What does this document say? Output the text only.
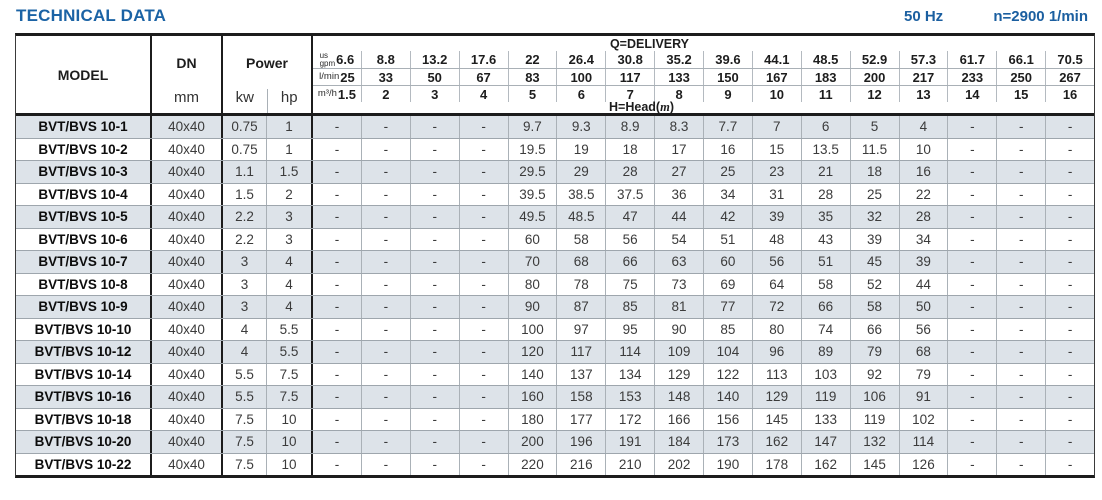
TECHNICAL DATA	50 Hz	n=2900 1/min
MODEL
DN
mm
Power
kw	hp
Q=DELIVERY
us
gpm 6.6 8.8 13.2 17.6 22 26.4 30.8 35.2 39.6 44.1 48.5 52.9 57.3 61.7 66.1 70.5
l/min 25 33	50	67	83 100 117 133 150 167 183 200 217 233 250 267
m³/h 1.5 2	3	4	5	6	7	8	9	10	11	12	13	14	15	16
H=Head(m)
BVT/BVS 10-1	40x40	0.75	1	-	-	-	-	9.7	9.3	8.9	8.3	7.7	7	6	5	4	-	-	-
BVT/BVS 10-2	40x40	0.75	1	-	-	-	-	19.5	19	18	17	16	15	13.5	11.5	10	-	-	-
BVT/BVS 10-3	40x40	1.1	1.5	-	-	-	-	29.5	29	28	27	25	23	21	18	16	-	-	-
BVT/BVS 10-4	40x40	1.5	2	-	-	-	-	39.5	38.5	37.5	36	34	31	28	25	22	-	-	-
BVT/BVS 10-5	40x40	2.2	3	-	-	-	-	49.5	48.5	47	44	42	39	35	32	28	-	-	-
BVT/BVS 10-6	40x40	2.2	3	-	-	-	-	60	58	56	54	51	48	43	39	34	-	-	-
BVT/BVS 10-7	40x40	3	4	-	-	-	-	70	68	66	63	60	56	51	45	39	-	-	-
BVT/BVS 10-8	40x40	3	4	-	-	-	-	80	78	75	73	69	64	58	52	44	-	-	-
BVT/BVS 10-9	40x40	3	4	-	-	-	-	90	87	85	81	77	72	66	58	50	-	-	-
BVT/BVS 10-10	40x40	4	5.5	-	-	-	-	100	97	95	90	85	80	74	66	56	-	-	-
BVT/BVS 10-12	40x40	4	5.5	-	-	-	-	120	117	114	109	104	96	89	79	68	-	-	-
BVT/BVS 10-14	40x40	5.5	7.5	-	-	-	-	140	137	134	129	122	113	103	92	79	-	-	-
BVT/BVS 10-16	40x40	5.5	7.5	-	-	-	-	160	158	153	148	140	129	119	106	91	-	-	-
BVT/BVS 10-18	40x40	7.5	10	-	-	-	-	180	177	172	166	156	145	133	119	102	-	-	-
BVT/BVS 10-20	40x40	7.5	10	-	-	-	-	200	196	191	184	173	162	147	132	114	-	-	-
BVT/BVS 10-22	40x40	7.5	10	-	-	-	-	220	216	210	202	190	178	162	145	126	-	-	-
